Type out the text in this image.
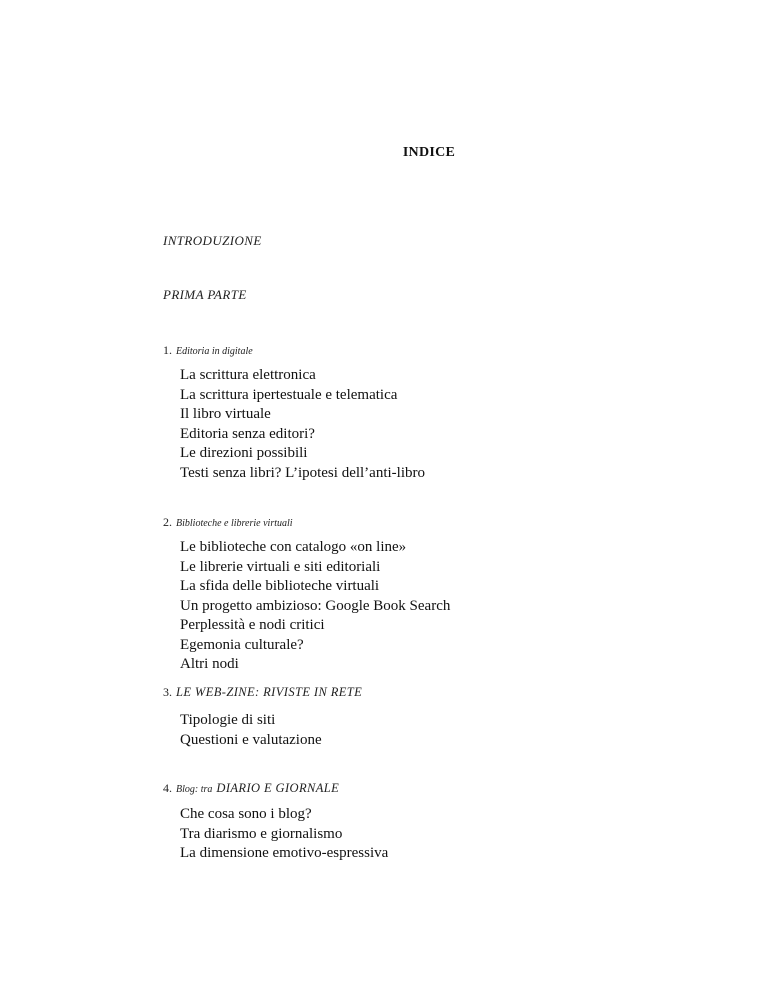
INDICE
INTRODUZIONE
PRIMA PARTE
1. Editoria in digitale
La scrittura elettronica
La scrittura ipertestuale e telematica
Il libro virtuale
Editoria senza editori?
Le direzioni possibili
Testi senza libri? L’ipotesi dell’anti-libro
2. Biblioteche e librerie virtuali
Le biblioteche con catalogo «on line»
Le librerie virtuali e siti editoriali
La sfida delle biblioteche virtuali
Un progetto ambizioso: Google Book Search
Perplessità e nodi critici
Egemonia culturale?
Altri nodi
3. LE WEB-ZINE: RIVISTE IN RETE
Tipologie di siti
Questioni e valutazione
4. Blog: tra DIARIO E GIORNALE
Che cosa sono i blog?
Tra diarismo e giornalismo
La dimensione emotivo-espressiva
